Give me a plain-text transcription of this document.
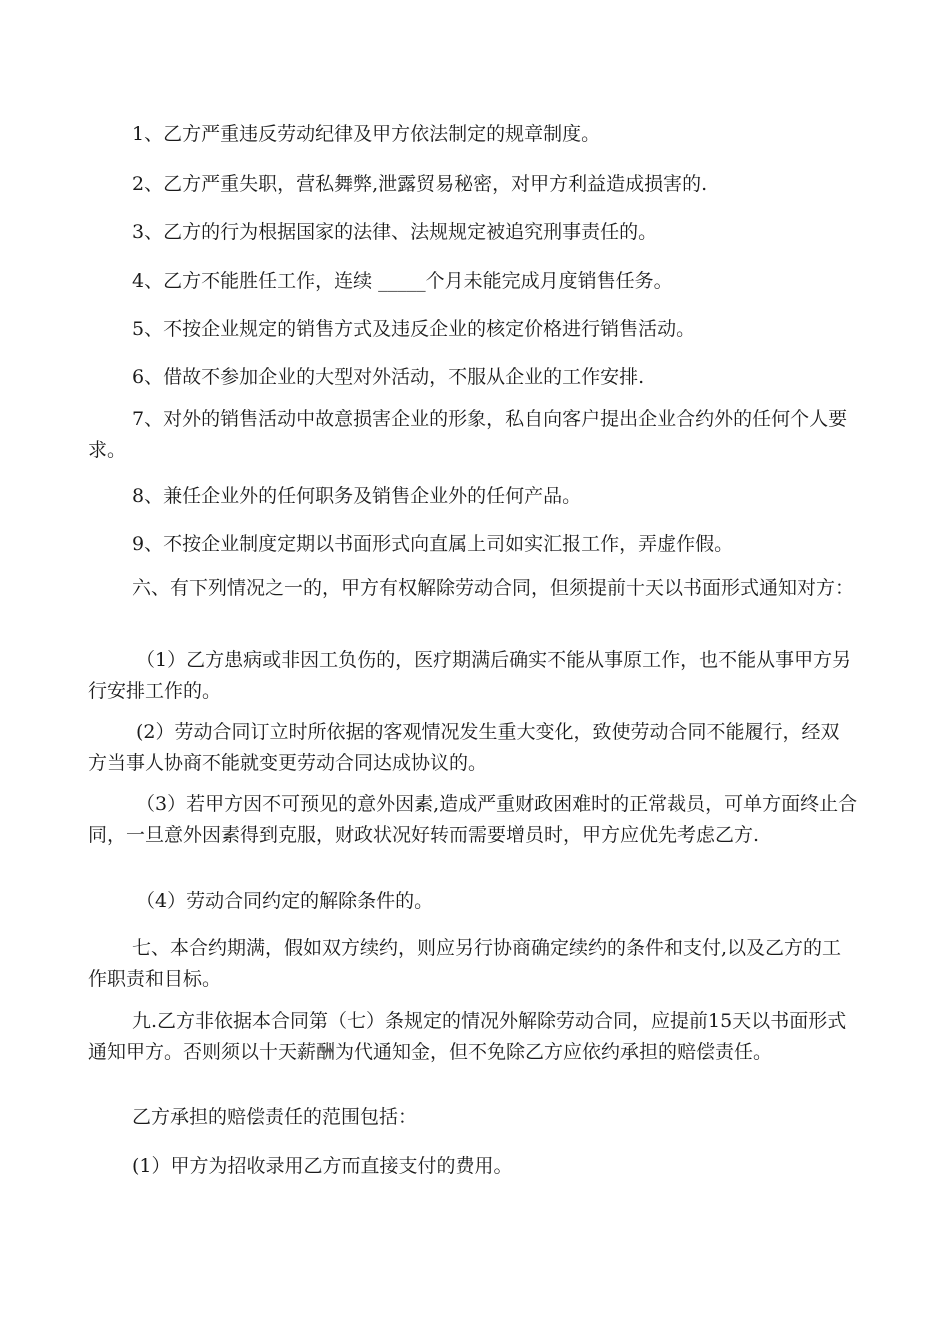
1、乙方严重违反劳动纪律及甲方依法制定的规章制度。

2、乙方严重失职，营私舞弊,泄露贸易秘密，对甲方利益造成损害的.

3、乙方的行为根据国家的法律、法规规定被追究刑事责任的。

4、乙方不能胜任工作，连续 _____个月未能完成月度销售任务。

5、不按企业规定的销售方式及违反企业的核定价格进行销售活动。

6、借故不参加企业的大型对外活动，不服从企业的工作安排.

7、对外的销售活动中故意损害企业的形象，私自向客户提出企业合约外的任何个人要求。

8、兼任企业外的任何职务及销售企业外的任何产品。

9、不按企业制度定期以书面形式向直属上司如实汇报工作，弄虚作假。

六、有下列情况之一的，甲方有权解除劳动合同，但须提前十天以书面形式通知对方：

（1）乙方患病或非因工负伤的，医疗期满后确实不能从事原工作，也不能从事甲方另行安排工作的。

(2）劳动合同订立时所依据的客观情况发生重大变化，致使劳动合同不能履行，经双方当事人协商不能就变更劳动合同达成协议的。

（3）若甲方因不可预见的意外因素,造成严重财政困难时的正常裁员，可单方面终止合同，一旦意外因素得到克服，财政状况好转而需要增员时，甲方应优先考虑乙方.

（4）劳动合同约定的解除条件的。

七、本合约期满，假如双方续约，则应另行协商确定续约的条件和支付,以及乙方的工作职责和目标。

九.乙方非依据本合同第（七）条规定的情况外解除劳动合同，应提前15天以书面形式通知甲方。否则须以十天薪酬为代通知金，但不免除乙方应依约承担的赔偿责任。

乙方承担的赔偿责任的范围包括：

(1）甲方为招收录用乙方而直接支付的费用。
